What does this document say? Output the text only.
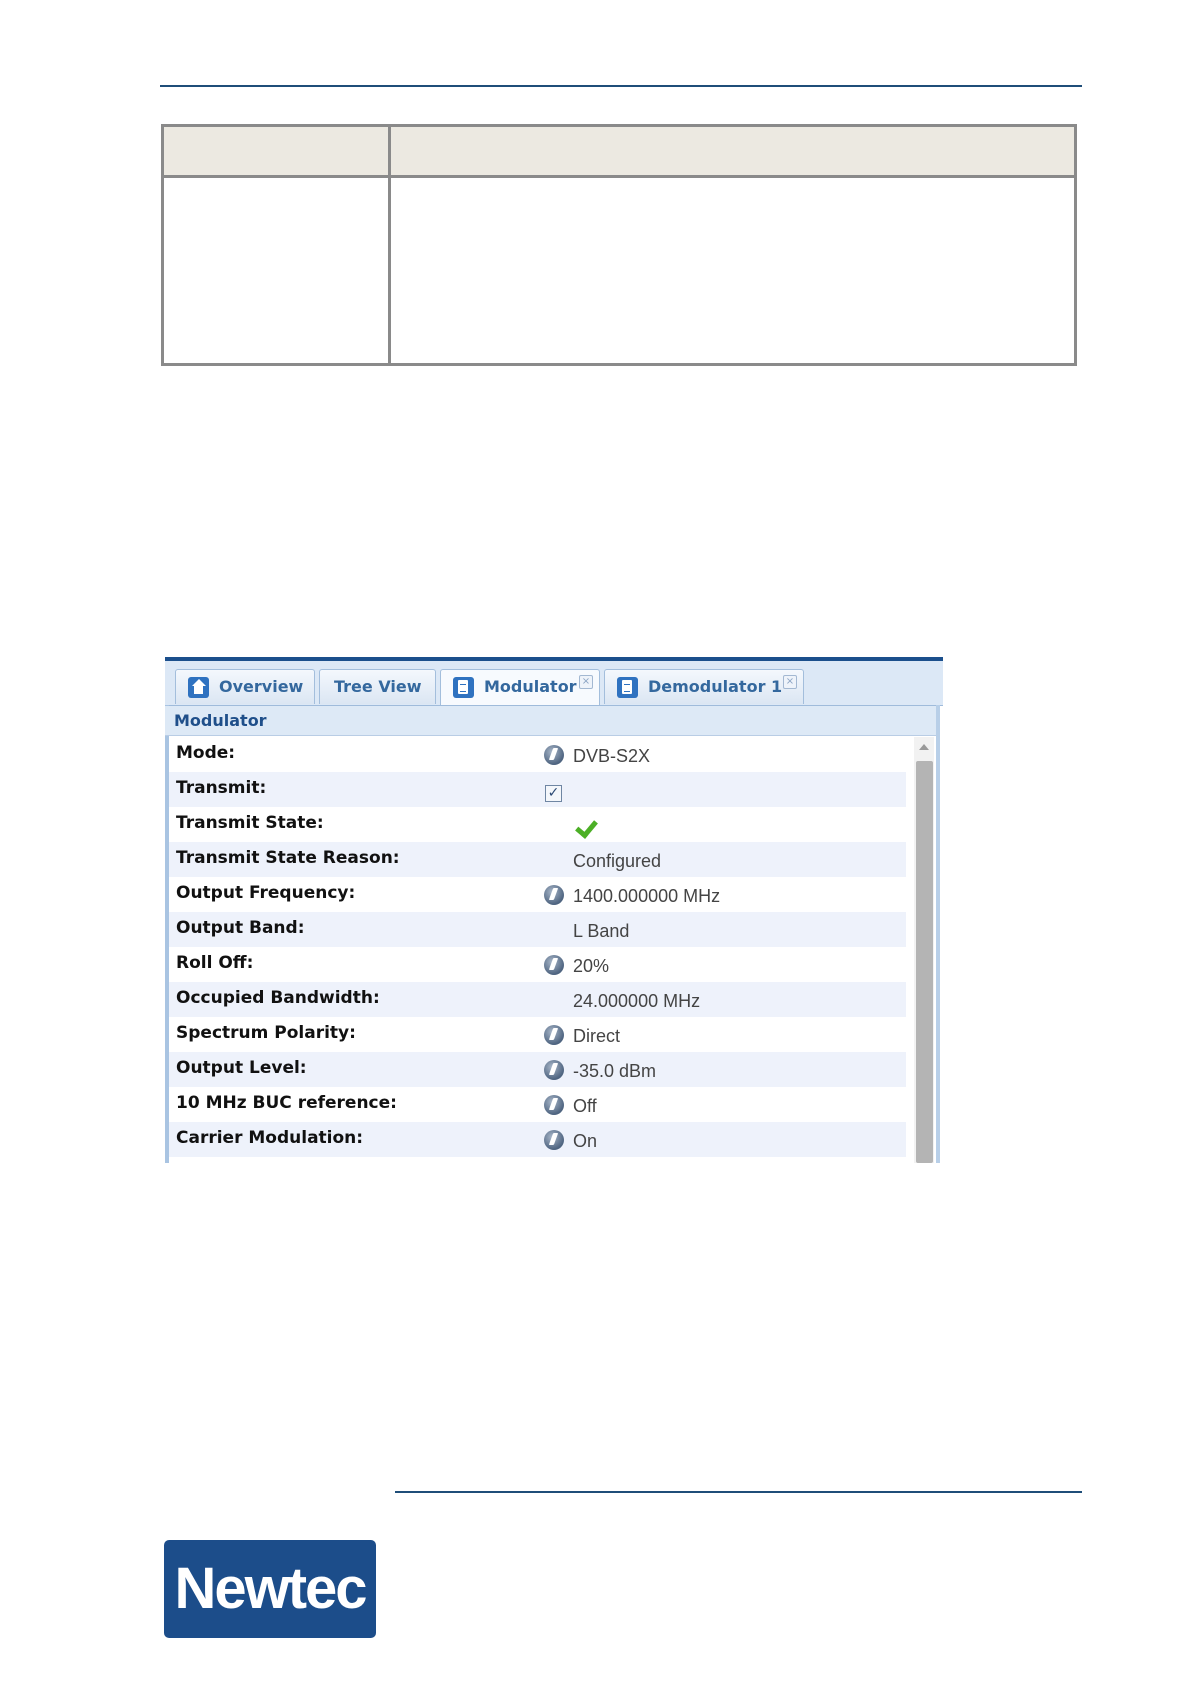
Overview Tree View	Modulator ×	Demodulator 1 ×
Modulator
Mode:	DVB-S2X
Transmit:	✓
Transmit State:
Transmit State Reason:	Configured
Output Frequency:	1400.000000 MHz
Output Band:	L Band
Roll Off:	20%
Occupied Bandwidth:	24.000000 MHz
Spectrum Polarity:	Direct
Output Level:	-35.0 dBm
10 MHz BUC reference:	Off
Carrier Modulation:	On
Newtec
